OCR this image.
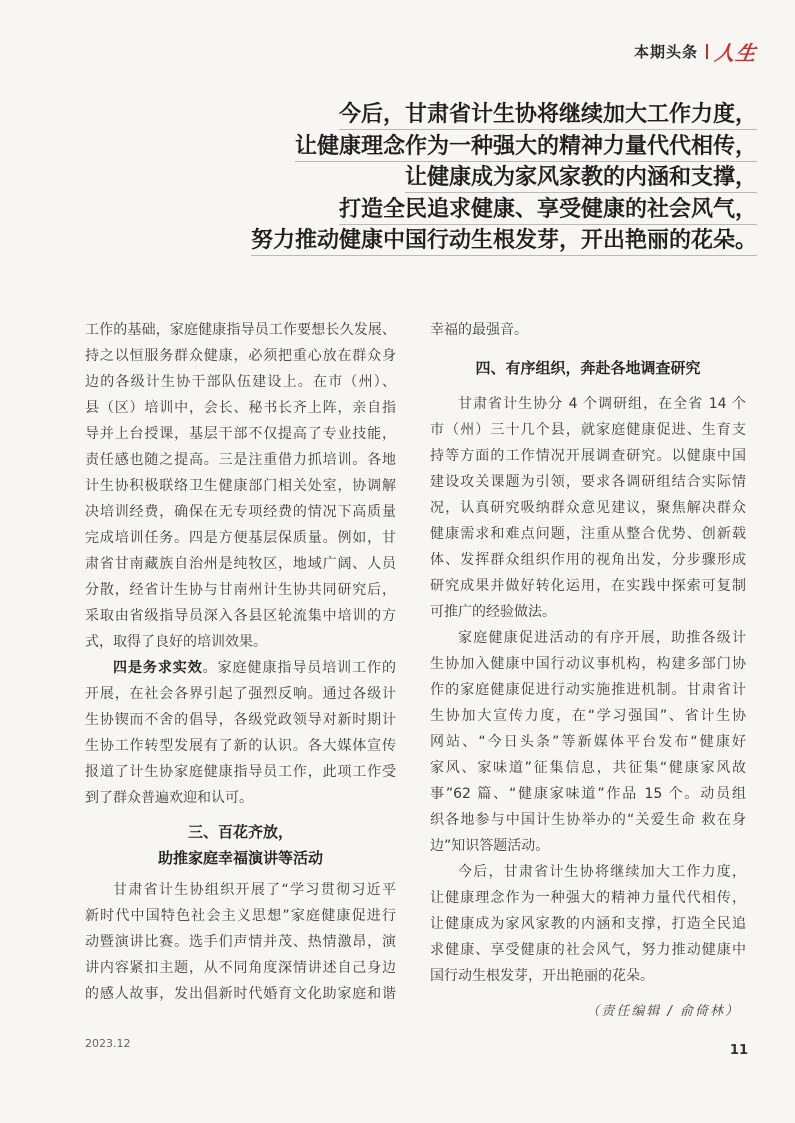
本期头条 人生
今后，甘肃省计生协将继续加大工作力度，
让健康理念作为一种强大的精神力量代代相传，
让健康成为家风家教的内涵和支撑，
打造全民追求健康、享受健康的社会风气，
努力推动健康中国行动生根发芽，开出艳丽的花朵。
工作的基础，家庭健康指导员工作要想长久发展、
持之以恒服务群众健康，必须把重心放在群众身
边的各级计生协干部队伍建设上。在市（州）、
县（区）培训中，会长、秘书长齐上阵，亲自指
导并上台授课，基层干部不仅提高了专业技能，
责任感也随之提高。三是注重借力抓培训。各地
计生协积极联络卫生健康部门相关处室，协调解
决培训经费，确保在无专项经费的情况下高质量
完成培训任务。四是方便基层保质量。例如，甘
肃省甘南藏族自治州是纯牧区，地域广阔、人员
分散，经省计生协与甘南州计生协共同研究后，
采取由省级指导员深入各县区轮流集中培训的方
式，取得了良好的培训效果。
四是务求实效。家庭健康指导员培训工作的
开展，在社会各界引起了强烈反响。通过各级计
生协锲而不舍的倡导，各级党政领导对新时期计
生协工作转型发展有了新的认识。各大媒体宣传
报道了计生协家庭健康指导员工作，此项工作受
到了群众普遍欢迎和认可。
三、百花齐放，
助推家庭幸福演讲等活动
甘肃省计生协组织开展了“学习贯彻习近平
新时代中国特色社会主义思想”家庭健康促进行
动暨演讲比赛。选手们声情并茂、热情激昂，演
讲内容紧扣主题，从不同角度深情讲述自己身边
的感人故事，发出倡新时代婚育文化助家庭和谐
幸福的最强音。
四、有序组织，奔赴各地调查研究
甘肃省计生协分 4 个调研组，在全省 14 个
市（州）三十几个县，就家庭健康促进、生育支
持等方面的工作情况开展调查研究。以健康中国
建设攻关课题为引领，要求各调研组结合实际情
况，认真研究吸纳群众意见建议，聚焦解决群众
健康需求和难点问题，注重从整合优势、创新载
体、发挥群众组织作用的视角出发，分步骤形成
研究成果并做好转化运用，在实践中探索可复制
可推广的经验做法。
家庭健康促进活动的有序开展，助推各级计
生协加入健康中国行动议事机构，构建多部门协
作的家庭健康促进行动实施推进机制。甘肃省计
生协加大宣传力度，在“学习强国”、省计生协
网站、“今日头条”等新媒体平台发布“健康好
家风、家味道”征集信息，共征集“健康家风故
事”62 篇、“健康家味道”作品 15 个。动员组
织各地参与中国计生协举办的“关爱生命 救在身
边”知识答题活动。
今后，甘肃省计生协将继续加大工作力度，
让健康理念作为一种强大的精神力量代代相传，
让健康成为家风家教的内涵和支撑，打造全民追
求健康、享受健康的社会风气，努力推动健康中
国行动生根发芽，开出艳丽的花朵。
（责任编辑 / 俞倚林）
2023.12	11
